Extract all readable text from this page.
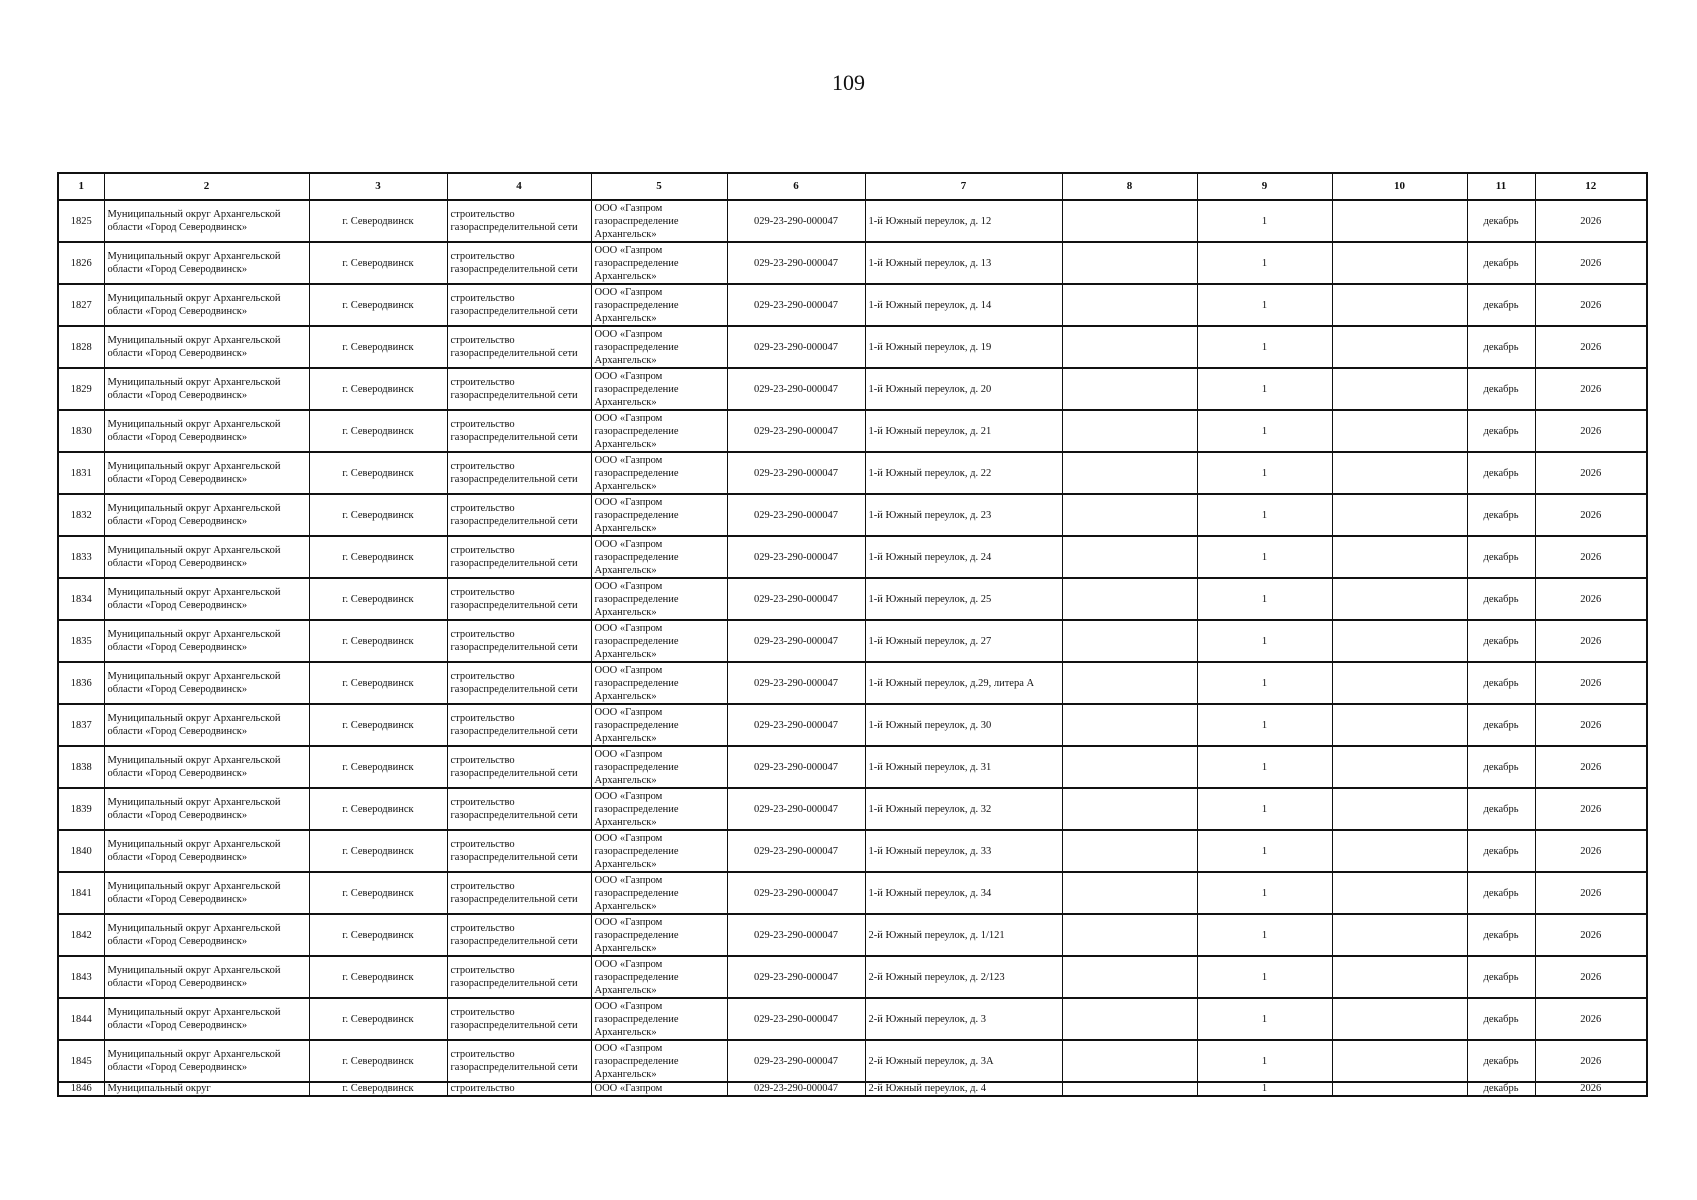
109
1	2	3	4	5	6	7	8	9	10	11	12
1825	Муниципальный округ Архангельской области «Город Северодвинск»	г. Северодвинск	строительство газораспределительной сети	ООО «Газпром газораспределение Архангельск»	029-23-290-000047	1-й Южный переулок, д. 12		1		декабрь	2026
1826	Муниципальный округ Архангельской области «Город Северодвинск»	г. Северодвинск	строительство газораспределительной сети	ООО «Газпром газораспределение Архангельск»	029-23-290-000047	1-й Южный переулок, д. 13		1		декабрь	2026
1827	Муниципальный округ Архангельской области «Город Северодвинск»	г. Северодвинск	строительство газораспределительной сети	ООО «Газпром газораспределение Архангельск»	029-23-290-000047	1-й Южный переулок, д. 14		1		декабрь	2026
1828	Муниципальный округ Архангельской области «Город Северодвинск»	г. Северодвинск	строительство газораспределительной сети	ООО «Газпром газораспределение Архангельск»	029-23-290-000047	1-й Южный переулок, д. 19		1		декабрь	2026
1829	Муниципальный округ Архангельской области «Город Северодвинск»	г. Северодвинск	строительство газораспределительной сети	ООО «Газпром газораспределение Архангельск»	029-23-290-000047	1-й Южный переулок, д. 20		1		декабрь	2026
1830	Муниципальный округ Архангельской области «Город Северодвинск»	г. Северодвинск	строительство газораспределительной сети	ООО «Газпром газораспределение Архангельск»	029-23-290-000047	1-й Южный переулок, д. 21		1		декабрь	2026
1831	Муниципальный округ Архангельской области «Город Северодвинск»	г. Северодвинск	строительство газораспределительной сети	ООО «Газпром газораспределение Архангельск»	029-23-290-000047	1-й Южный переулок, д. 22		1		декабрь	2026
1832	Муниципальный округ Архангельской области «Город Северодвинск»	г. Северодвинск	строительство газораспределительной сети	ООО «Газпром газораспределение Архангельск»	029-23-290-000047	1-й Южный переулок, д. 23		1		декабрь	2026
1833	Муниципальный округ Архангельской области «Город Северодвинск»	г. Северодвинск	строительство газораспределительной сети	ООО «Газпром газораспределение Архангельск»	029-23-290-000047	1-й Южный переулок, д. 24		1		декабрь	2026
1834	Муниципальный округ Архангельской области «Город Северодвинск»	г. Северодвинск	строительство газораспределительной сети	ООО «Газпром газораспределение Архангельск»	029-23-290-000047	1-й Южный переулок, д. 25		1		декабрь	2026
1835	Муниципальный округ Архангельской области «Город Северодвинск»	г. Северодвинск	строительство газораспределительной сети	ООО «Газпром газораспределение Архангельск»	029-23-290-000047	1-й Южный переулок, д. 27		1		декабрь	2026
1836	Муниципальный округ Архангельской области «Город Северодвинск»	г. Северодвинск	строительство газораспределительной сети	ООО «Газпром газораспределение Архангельск»	029-23-290-000047	1-й Южный переулок, д.29, литера А		1		декабрь	2026
1837	Муниципальный округ Архангельской области «Город Северодвинск»	г. Северодвинск	строительство газораспределительной сети	ООО «Газпром газораспределение Архангельск»	029-23-290-000047	1-й Южный переулок, д. 30		1		декабрь	2026
1838	Муниципальный округ Архангельской области «Город Северодвинск»	г. Северодвинск	строительство газораспределительной сети	ООО «Газпром газораспределение Архангельск»	029-23-290-000047	1-й Южный переулок, д. 31		1		декабрь	2026
1839	Муниципальный округ Архангельской области «Город Северодвинск»	г. Северодвинск	строительство газораспределительной сети	ООО «Газпром газораспределение Архангельск»	029-23-290-000047	1-й Южный переулок, д. 32		1		декабрь	2026
1840	Муниципальный округ Архангельской области «Город Северодвинск»	г. Северодвинск	строительство газораспределительной сети	ООО «Газпром газораспределение Архангельск»	029-23-290-000047	1-й Южный переулок, д. 33		1		декабрь	2026
1841	Муниципальный округ Архангельской области «Город Северодвинск»	г. Северодвинск	строительство газораспределительной сети	ООО «Газпром газораспределение Архангельск»	029-23-290-000047	1-й Южный переулок, д. 34		1		декабрь	2026
1842	Муниципальный округ Архангельской области «Город Северодвинск»	г. Северодвинск	строительство газораспределительной сети	ООО «Газпром газораспределение Архангельск»	029-23-290-000047	2-й Южный переулок, д. 1/121		1		декабрь	2026
1843	Муниципальный округ Архангельской области «Город Северодвинск»	г. Северодвинск	строительство газораспределительной сети	ООО «Газпром газораспределение Архангельск»	029-23-290-000047	2-й Южный переулок, д. 2/123		1		декабрь	2026
1844	Муниципальный округ Архангельской области «Город Северодвинск»	г. Северодвинск	строительство газораспределительной сети	ООО «Газпром газораспределение Архангельск»	029-23-290-000047	2-й Южный переулок, д. 3		1		декабрь	2026
1845	Муниципальный округ Архангельской области «Город Северодвинск»	г. Северодвинск	строительство газораспределительной сети	ООО «Газпром газораспределение Архангельск»	029-23-290-000047	2-й Южный переулок, д. 3А		1		декабрь	2026
1846	Муниципальный округ	г. Северодвинск	строительство	ООО «Газпром	029-23-290-000047	2-й Южный переулок, д. 4		1		декабрь	2026
